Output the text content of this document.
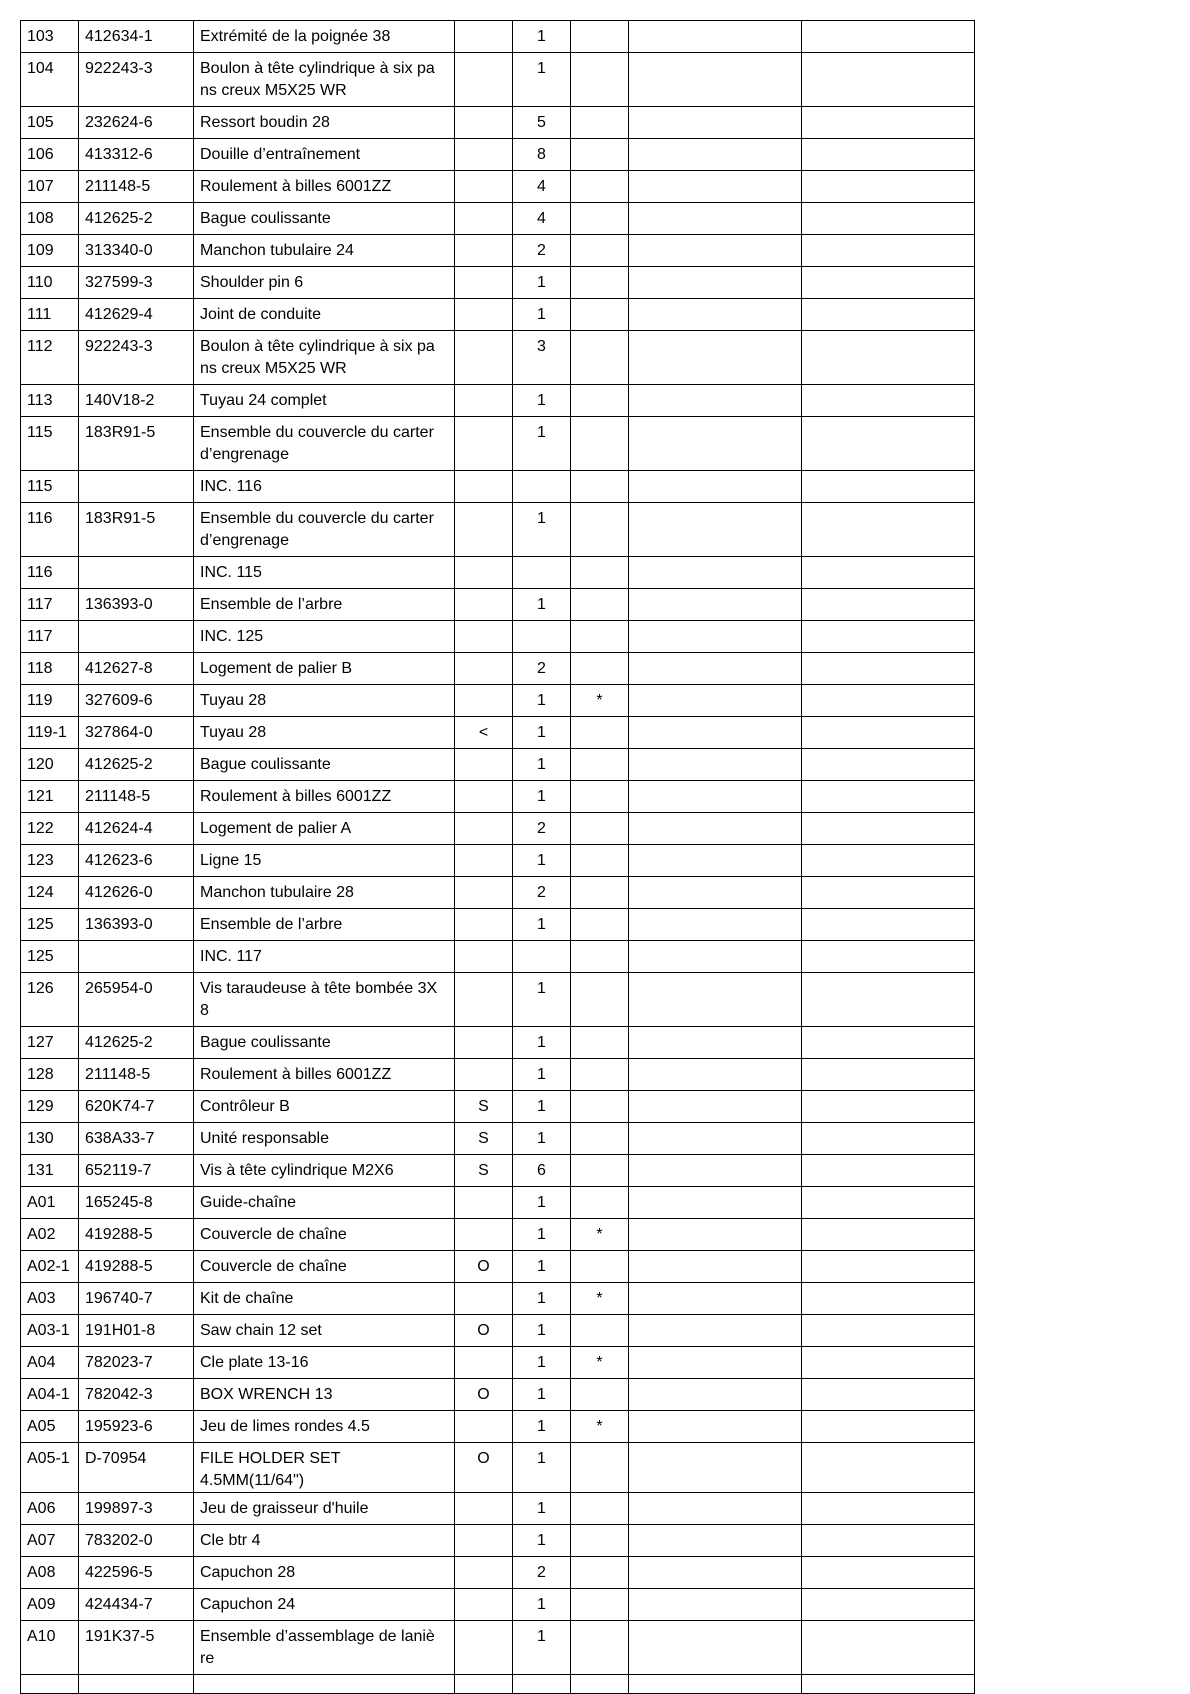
103	412634-1	Extrémité de la poignée 38		1			
104	922243-3	Boulon à tête cylindrique à six pa
ns creux M5X25 WR		1			
105	232624-6	Ressort boudin 28		5			
106	413312-6	Douille d’entraînement		8			
107	211148-5	Roulement à billes 6001ZZ		4			
108	412625-2	Bague coulissante		4			
109	313340-0	Manchon tubulaire 24		2			
110	327599-3	Shoulder pin 6		1			
111	412629-4	Joint de conduite		1			
112	922243-3	Boulon à tête cylindrique à six pa
ns creux M5X25 WR		3			
113	140V18-2	Tuyau 24 complet		1			
115	183R91-5	Ensemble du couvercle du carter
d’engrenage		1			
115		INC. 116					
116	183R91-5	Ensemble du couvercle du carter
d’engrenage		1			
116		INC. 115					
117	136393-0	Ensemble de l’arbre		1			
117		INC. 125					
118	412627-8	Logement de palier B		2			
119	327609-6	Tuyau 28		1	*		
119-1	327864-0	Tuyau 28	<	1			
120	412625-2	Bague coulissante		1			
121	211148-5	Roulement à billes 6001ZZ		1			
122	412624-4	Logement de palier A		2			
123	412623-6	Ligne 15		1			
124	412626-0	Manchon tubulaire 28		2			
125	136393-0	Ensemble de l’arbre		1			
125		INC. 117					
126	265954-0	Vis taraudeuse à tête bombée 3X
8		1			
127	412625-2	Bague coulissante		1			
128	211148-5	Roulement à billes 6001ZZ		1			
129	620K74-7	Contrôleur B	S	1			
130	638A33-7	Unité responsable	S	1			
131	652119-7	Vis à tête cylindrique M2X6	S	6			
A01	165245-8	Guide-chaîne		1			
A02	419288-5	Couvercle de chaîne		1	*		
A02-1	419288-5	Couvercle de chaîne	O	1			
A03	196740-7	Kit de chaîne		1	*		
A03-1	191H01-8	Saw chain 12 set	O	1			
A04	782023-7	Cle plate 13-16		1	*		
A04-1	782042-3	BOX WRENCH 13	O	1			
A05	195923-6	Jeu de limes rondes 4.5		1	*		
A05-1	D-70954	FILE HOLDER SET 4.5MM(11/64")	O	1			
A06	199897-3	Jeu de graisseur d'huile		1			
A07	783202-0	Cle btr 4		1			
A08	422596-5	Capuchon 28		2			
A09	424434-7	Capuchon 24		1			
A10	191K37-5	Ensemble d’assemblage de laniè
re		1			
